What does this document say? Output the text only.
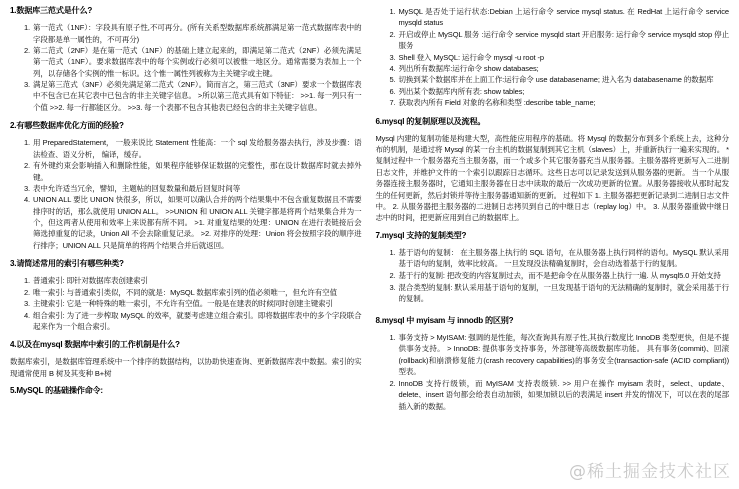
1.数据库三范式是什么?
1. 第一范式（1NF）：字段具有原子性,不可再分。(所有关系型数据库系统都满足第一范式数据库表中的字段都是单一属性的，不可再分)
2. 第二范式（2NF）是在第一范式（1NF）的基础上建立起来的，即满足第二范式（2NF）必须先满足第一范式（1NF）。要求数据库表中的每个实例或行必须可以被惟一地区分。通常需要为表加上一个列，以存储各个实例的惟一标识。这个惟一属性列被称为主关键字或主键。
3. 满足第三范式（3NF）必须先满足第二范式（2NF）。简而言之，第三范式（3NF）要求一个数据库表中不包含已在其它表中已包含的非主关键字信息。 >所以第三范式具有如下特征： >>1. 每一列只有一个值 >>2. 每一行都能区分。 >>3. 每一个表都不包含其他表已经包含的非主关键字信息。
2.有哪些数据库优化方面的经验?
1. 用 PreparedStatement， 一般来说比 Statement 性能高：一个 sql 发给服务器去执行，涉及步骤：语法检查、语义分析， 编译，缓存。
2. 有外键约束会影响插入和删除性能，如果程序能够保证数据的完整性，那在设计数据库时就去掉外键。
3. 表中允许适当冗余，譬如，主题帖的回复数量和最后回复时间等
4. UNION ALL 要比 UNION 快很多，所以，如果可以确认合并的两个结果集中不包含重复数据且不需要排序时的话，那么就使用 UNION ALL。 >>UNION 和 UNION ALL 关键字都是将两个结果集合并为一个，但这两者从使用和效率上来说都有所不同。 >1. 对重复结果的处理：UNION 在进行表链接后会筛选掉重复的记录，Union All 不会去除重复记录。 >2. 对排序的处理：Union 将会按照字段的顺序进行排序；UNION ALL 只是简单的将两个结果合并后就返回。
3.请简述常用的索引有哪些种类?
1. 普通索引: 即针对数据库表创建索引
2. 唯一索引: 与普通索引类似，不同的就是：MySQL 数据库索引列的值必须唯一，但允许有空值
3. 主键索引: 它是一种特殊的唯一索引，不允许有空值。一般是在建表的时候同时创建主键索引
4. 组合索引: 为了进一步榨取 MySQL 的效率，就要考虑建立组合索引。即将数据库表中的多个字段联合起来作为一个组合索引。
4.以及在mysql 数据库中索引的工作机制是什么?

数据库索引，是数据库管理系统中一个排序的数据结构，以协助快速查询、更新数据库表中数据。索引的实现通常使用 B 树及其变种 B+树

5.MySQL 的基础操作命令:
1. MySQL 是否处于运行状态:Debian 上运行命令 service mysql status. 在 RedHat 上运行命令 service mysqld status
2. 开启或停止 MySQL 服务 :运行命令 service mysqld start 开启服务: 运行命令 service mysqld stop 停止服务
3. Shell 登入 MySQL: 运行命令 mysql -u root -p
4. 列出所有数据库:运行命令 show databases;
5. 切换到某个数据库并在上面工作:运行命令 use databasename; 进入名为 databasename 的数据库
6. 列出某个数据库内所有表: show tables;
7. 获取表内所有 Field 对象的名称和类型 :describe table_name;
6.mysql 的复制原理以及流程。

Mysql 内建的复制功能是构建大型，高性能应用程序的基础。将 Mysql 的数据分布到多个系统上去，这种分布的机制，是通过将 Mysql 的某一台主机的数据复制到其它主机（slaves）上，并重新执行一遍来实现的。 * 复制过程中一个服务器充当主服务器，而一个或多个其它服务器充当从服务器。主服务器将更新写入二进制日志文件，并维护文件的一个索引以跟踪日志循环。这些日志可以记录发送到从服务器的更新。 当一个从服务器连接主服务器时，它通知主服务器在日志中读取的最后一次成功更新的位置。从服务器接收从那时起发生的任何更新，然后封锁并等待主服务器通知新的更新。 过程如下 1. 主服务器把更新记录到二进制日志文件中。 2. 从服务器把主服务器的二进制日志拷贝到自己的中继日志（replay log）中。 3. 从服务器重做中继日志中的时间，把更新应用到自己的数据库上。

7.mysql 支持的复制类型?
1. 基于语句的复制： 在主服务器上执行的 SQL 语句，在从服务器上执行同样的语句。MySQL 默认采用基于语句的复制，效率比较高。 一旦发现没法精确复制时，会自动选着基于行的复制。
2. 基于行的复制: 把改变的内容复制过去，而不是把命令在从服务器上执行一遍. 从 mysql5.0 开始支持
3. 混合类型的复制: 默认采用基于语句的复制，一旦发现基于语句的无法精确的复制时，就会采用基于行的复制。
8.mysql 中 myisam 与 innodb 的区别?
1. 事务支持 > MyISAM: 强调的是性能，每次查询具有原子性,其执行数度比 InnoDB 类型更快，但是不提供事务支持。 > InnoDB: 提供事务支持事务，外部键等高级数据库功能。 具有事务(commit)、回滚(rollback)和崩溃修复能力(crash recovery capabilities)的事务安全(transaction-safe (ACID compliant))型表。
2. InnoDB 支持行级锁，而 MyISAM 支持表级锁. >> 用户在操作 myisam 表时，select、update、delete、insert 语句都会给表自动加锁，如果加锁以后的表满足 insert 并发的情况下，可以在表的尾部插入新的数据。
@稀土掘金技术社区
